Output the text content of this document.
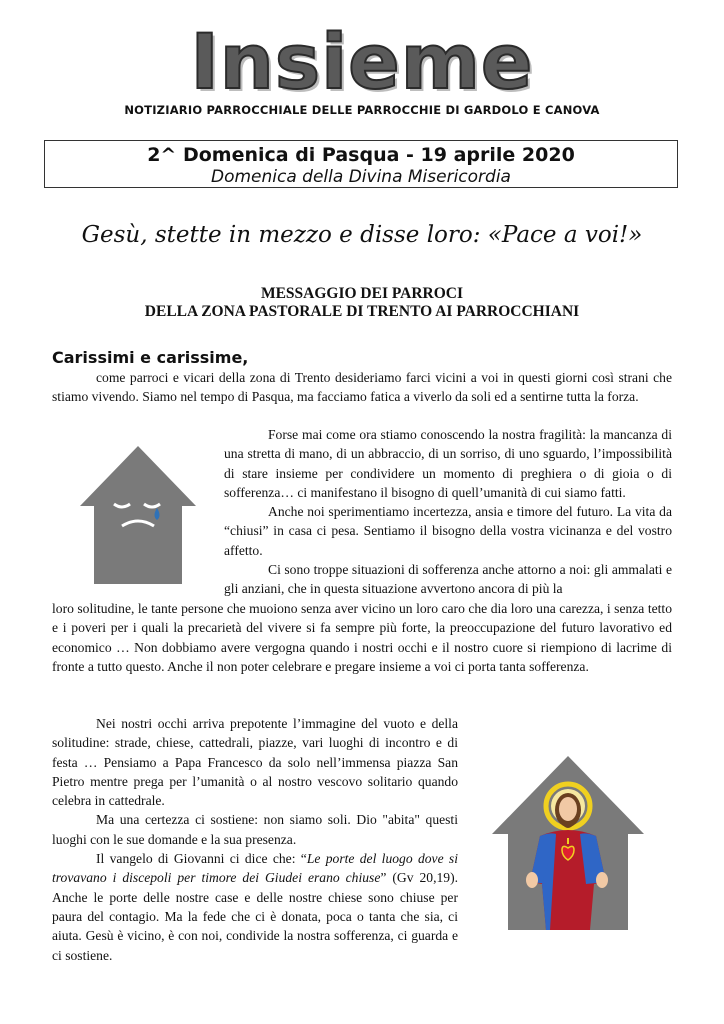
Insieme
NOTIZIARIO PARROCCHIALE DELLE PARROCCHIE DI GARDOLO E CANOVA
2^ Domenica di Pasqua - 19 aprile 2020
Domenica della Divina Misericordia
Gesù, stette in mezzo e disse loro: «Pace a voi!»
MESSAGGIO DEI PARROCI
DELLA ZONA PASTORALE DI TRENTO AI PARROCCHIANI
Carissimi e carissime,

come parroci e vicari della zona di Trento desideriamo farci vicini a voi in questi giorni così strani che stiamo vivendo. Siamo nel tempo di Pasqua, ma facciamo fatica a viverlo da soli ed a sentirne tutta la forza.

Forse mai come ora stiamo conoscendo la nostra fragilità: la mancanza di una stretta di mano, di un abbraccio, di un sorriso, di uno sguardo, l’impossibilità di stare insieme per condividere un momento di preghiera o di gioia o di sofferenza… ci manifestano il bisogno di quell’umanità di cui siamo fatti.

Anche noi sperimentiamo incertezza, ansia e timore del futuro. La vita da “chiusi” in casa ci pesa. Sentiamo il bisogno della vostra vicinanza e del vostro affetto.

Ci sono troppe situazioni di sofferenza anche attorno a noi: gli ammalati e gli anziani, che in questa situazione avvertono ancora di più la

loro solitudine, le tante persone che muoiono senza aver vicino un loro caro che dia loro una carezza, i senza tetto e i poveri per i quali la precarietà del vivere si fa sempre più forte, la preoccupazione del futuro lavorativo ed economico … Non dobbiamo avere vergogna quando i nostri occhi e il nostro cuore si riempiono di lacrime di fronte a tutto questo. Anche il non poter celebrare e pregare insieme a voi ci porta tanta sofferenza.

Nei nostri occhi arriva prepotente l’immagine del vuoto e della solitudine: strade, chiese, cattedrali, piazze, vari luoghi di incontro e di festa … Pensiamo a Papa Francesco da solo nell’immensa piazza San Pietro mentre prega per l’umanità o al nostro vescovo solitario quando celebra in cattedrale.

Ma una certezza ci sostiene: non siamo soli. Dio "abita" questi luoghi con le sue domande e la sua presenza.

Il vangelo di Giovanni ci dice che: “Le porte del luogo dove si trovavano i discepoli per timore dei Giudei erano chiuse” (Gv 20,19). Anche le porte delle nostre case e delle nostre chiese sono chiuse per paura del contagio. Ma la fede che ci è donata, poca o tanta che sia, ci aiuta. Gesù è vicino, è con noi, condivide la nostra sofferenza, ci guarda e ci sostiene.
